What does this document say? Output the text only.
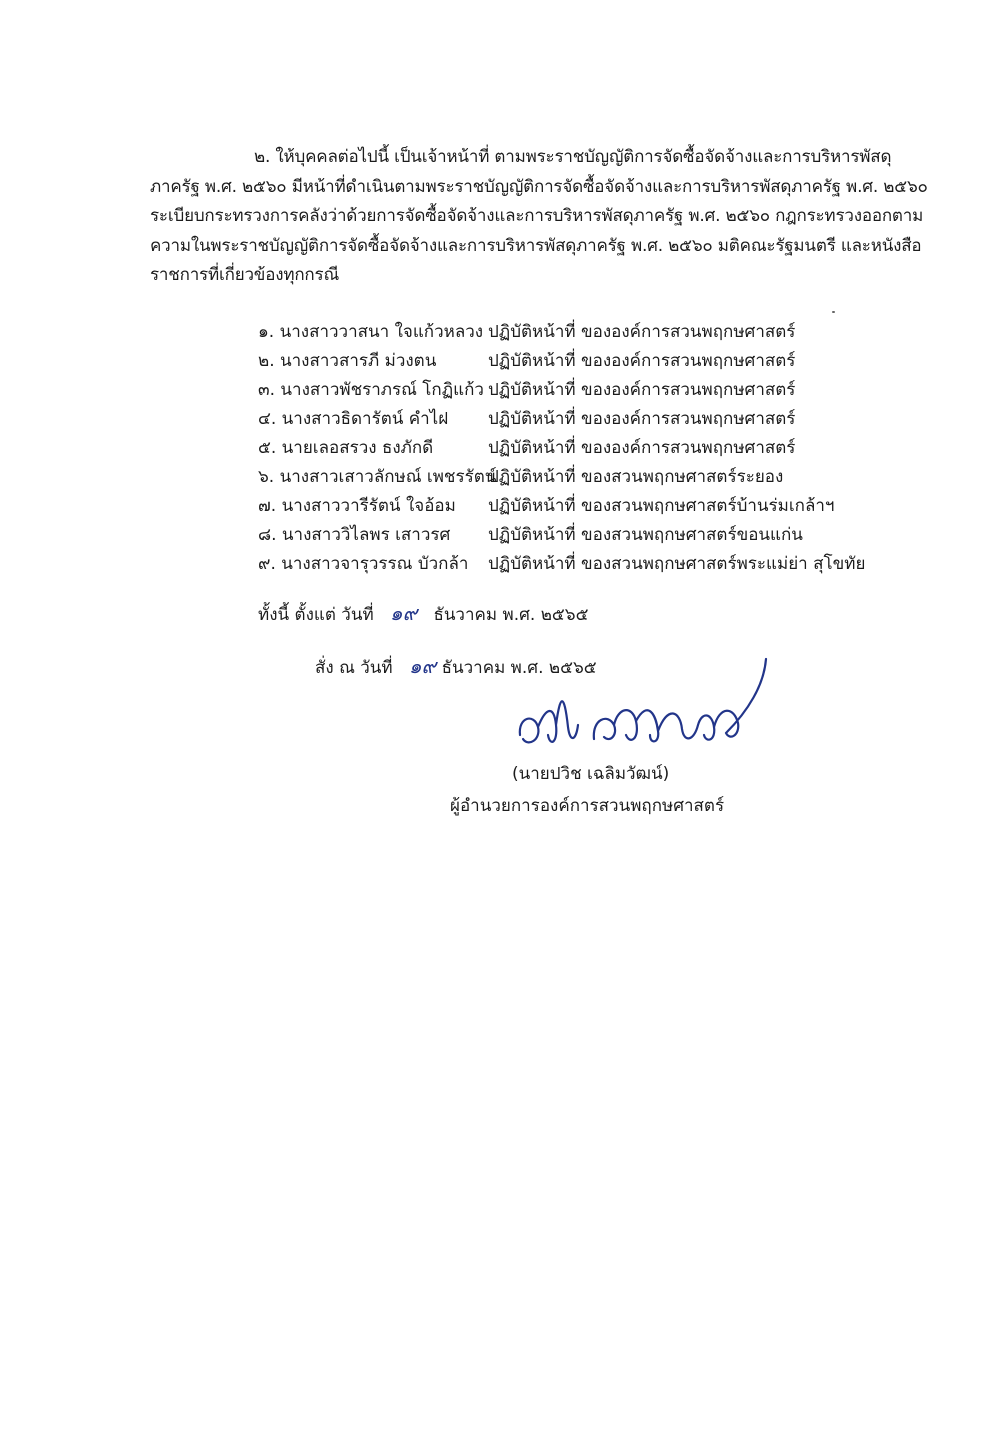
๒. ให้บุคคลต่อไปนี้ เป็นเจ้าหน้าที่ ตามพระราชบัญญัติการจัดซื้อจัดจ้างและการบริหารพัสดุ
ภาครัฐ พ.ศ. ๒๕๖๐ มีหน้าที่ดำเนินตามพระราชบัญญัติการจัดซื้อจัดจ้างและการบริหารพัสดุภาครัฐ พ.ศ. ๒๕๖๐
ระเบียบกระทรวงการคลังว่าด้วยการจัดซื้อจัดจ้างและการบริหารพัสดุภาครัฐ พ.ศ. ๒๕๖๐ กฎกระทรวงออกตาม
ความในพระราชบัญญัติการจัดซื้อจัดจ้างและการบริหารพัสดุภาครัฐ พ.ศ. ๒๕๖๐ มติคณะรัฐมนตรี และหนังสือ
ราชการที่เกี่ยวข้องทุกกรณี
๑. นางสาววาสนา ใจแก้วหลวง ปฏิบัติหน้าที่ ขององค์การสวนพฤกษศาสตร์
๒. นางสาวสารภี ม่วงตน	ปฏิบัติหน้าที่ ขององค์การสวนพฤกษศาสตร์
๓. นางสาวพัชราภรณ์ โกฏิแก้ว ปฏิบัติหน้าที่ ขององค์การสวนพฤกษศาสตร์
๔. นางสาวธิดารัตน์ คำไฝ ปฏิบัติหน้าที่ ขององค์การสวนพฤกษศาสตร์
๕. นายเลอสรวง ธงภักดี	ปฏิบัติหน้าที่ ขององค์การสวนพฤกษศาสตร์
๖. นางสาวเสาวลักษณ์ เพชรรัตน์
ปฏิบัติหน้าที่ ของสวนพฤกษศาสตร์ระยอง
๗. นางสาววารีรัตน์ ใจอ้อม ปฏิบัติหน้าที่ ของสวนพฤกษศาสตร์บ้านร่มเกล้าฯ
๘. นางสาววิไลพร เสาวรศ ปฏิบัติหน้าที่ ของสวนพฤกษศาสตร์ขอนแก่น
๙. นางสาวจารุวรรณ บัวกล้า ปฏิบัติหน้าที่ ของสวนพฤกษศาสตร์พระแม่ย่า สุโขทัย
ทั้งนี้ ตั้งแต่ วันที่ ๑๙ ธันวาคม พ.ศ. ๒๕๖๕
สั่ง ณ วันที่ ๑๙ ธันวาคม พ.ศ. ๒๕๖๕
(นายปวิช เฉลิมวัฒน์)
ผู้อำนวยการองค์การสวนพฤกษศาสตร์
